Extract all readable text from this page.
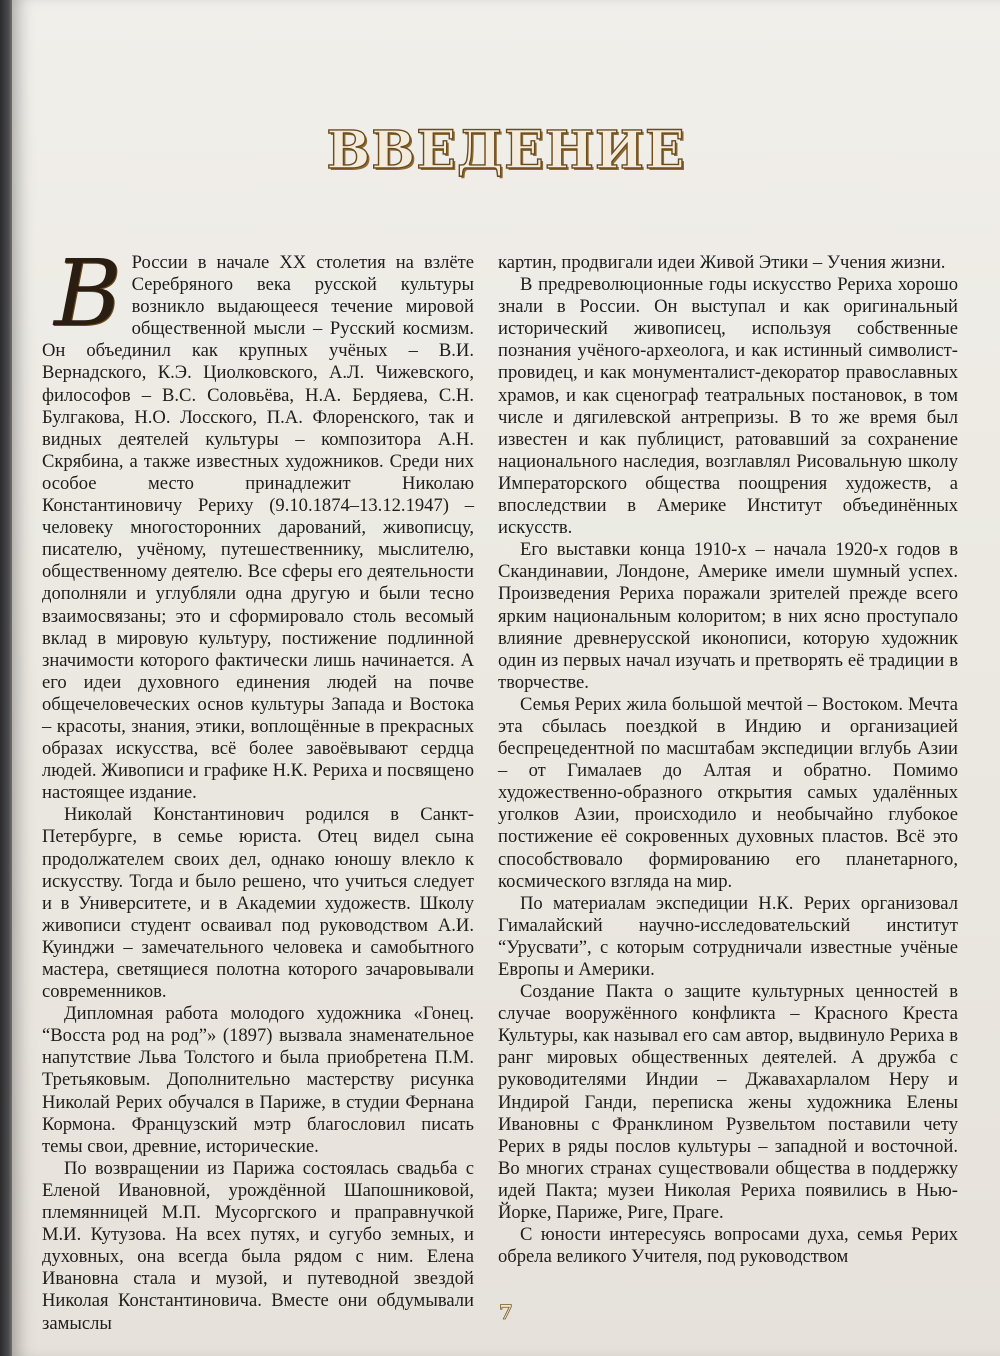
ВВЕДЕНИЕ

В России в начале XX столетия на взлёте Серебряного века русской культуры возникло выдающееся течение мировой общественной мысли – Русский космизм. Он объединил как крупных учёных – В.И. Вернадского, К.Э. Циолковского, А.Л. Чижевского, философов – В.С. Соловьёва, Н.А. Бердяева, С.Н. Булгакова, Н.О. Лосского, П.А. Флоренского, так и видных деятелей культуры – композитора А.Н. Скрябина, а также известных художников. Среди них особое место принадлежит Николаю Константиновичу Рериху (9.10.1874–13.12.1947) – человеку многосторонних дарований, живописцу, писателю, учёному, путешественнику, мыслителю, общественному деятелю. Все сферы его деятельности дополняли и углубляли одна другую и были тесно взаимосвязаны; это и сформировало столь весомый вклад в мировую культуру, постижение подлинной значимости которого фактически лишь начинается. А его идеи духовного единения людей на почве общечеловеческих основ культуры Запада и Востока – красоты, знания, этики, воплощённые в прекрасных образах искусства, всё более завоёвывают сердца людей. Живописи и графике Н.К. Рериха и посвящено настоящее издание.

Николай Константинович родился в Санкт-Петербурге, в семье юриста. Отец видел сына продолжателем своих дел, однако юношу влекло к искусству. Тогда и было решено, что учиться следует и в Университете, и в Академии художеств. Школу живописи студент осваивал под руководством А.И. Куинджи – замечательного человека и самобытного мастера, светящиеся полотна которого зачаровывали современников.

Дипломная работа молодого художника «Гонец. “Восста род на род”» (1897) вызвала знаменательное напутствие Льва Толстого и была приобретена П.М. Третьяковым. Дополнительно мастерству рисунка Николай Рерих обучался в Париже, в студии Фернана Кормона. Французский мэтр благословил писать темы свои, древние, исторические.

По возвращении из Парижа состоялась свадьба с Еленой Ивановной, урождённой Шапошниковой, племянницей М.П. Мусоргского и праправнучкой М.И. Кутузова. На всех путях, и сугубо земных, и духовных, она всегда была рядом с ним. Елена Ивановна стала и музой, и путеводной звездой Николая Константиновича. Вместе они обдумывали замыслы

картин, продвигали идеи Живой Этики – Учения жизни.

В предреволюционные годы искусство Рериха хорошо знали в России. Он выступал и как оригинальный исторический живописец, используя собственные познания учёного-археолога, и как истинный символист-провидец, и как монументалист-декоратор православных храмов, и как сценограф театральных постановок, в том числе и дягилевской антрепризы. В то же время был известен и как публицист, ратовавший за сохранение национального наследия, возглавлял Рисовальную школу Императорского общества поощрения художеств, а впоследствии в Америке Институт объединённых искусств.

Его выставки конца 1910-х – начала 1920-х годов в Скандинавии, Лондоне, Америке имели шумный успех. Произведения Рериха поражали зрителей прежде всего ярким национальным колоритом; в них ясно проступало влияние древнерусской иконописи, которую художник один из первых начал изучать и претворять её традиции в творчестве.

Семья Рерих жила большой мечтой – Востоком. Мечта эта сбылась поездкой в Индию и организацией беспрецедентной по масштабам экспедиции вглубь Азии – от Гималаев до Алтая и обратно. Помимо художественно-образного открытия самых удалённых уголков Азии, происходило и необычайно глубокое постижение её сокровенных духовных пластов. Всё это способствовало формированию его планетарного, космического взгляда на мир.

По материалам экспедиции Н.К. Рерих организовал Гималайский научно-исследовательский институт “Урусвати”, с которым сотрудничали известные учёные Европы и Америки.

Создание Пакта о защите культурных ценностей в случае вооружённого конфликта – Красного Креста Культуры, как называл его сам автор, выдвинуло Рериха в ранг мировых общественных деятелей. А дружба с руководителями Индии – Джавахарлалом Неру и Индирой Ганди, переписка жены художника Елены Ивановны с Франклином Рузвельтом поставили чету Рерих в ряды послов культуры – западной и восточной. Во многих странах существовали общества в поддержку идей Пакта; музеи Николая Рериха появились в Нью-Йорке, Париже, Риге, Праге.

С юности интересуясь вопросами духа, семья Рерих обрела великого Учителя, под руководством

7
